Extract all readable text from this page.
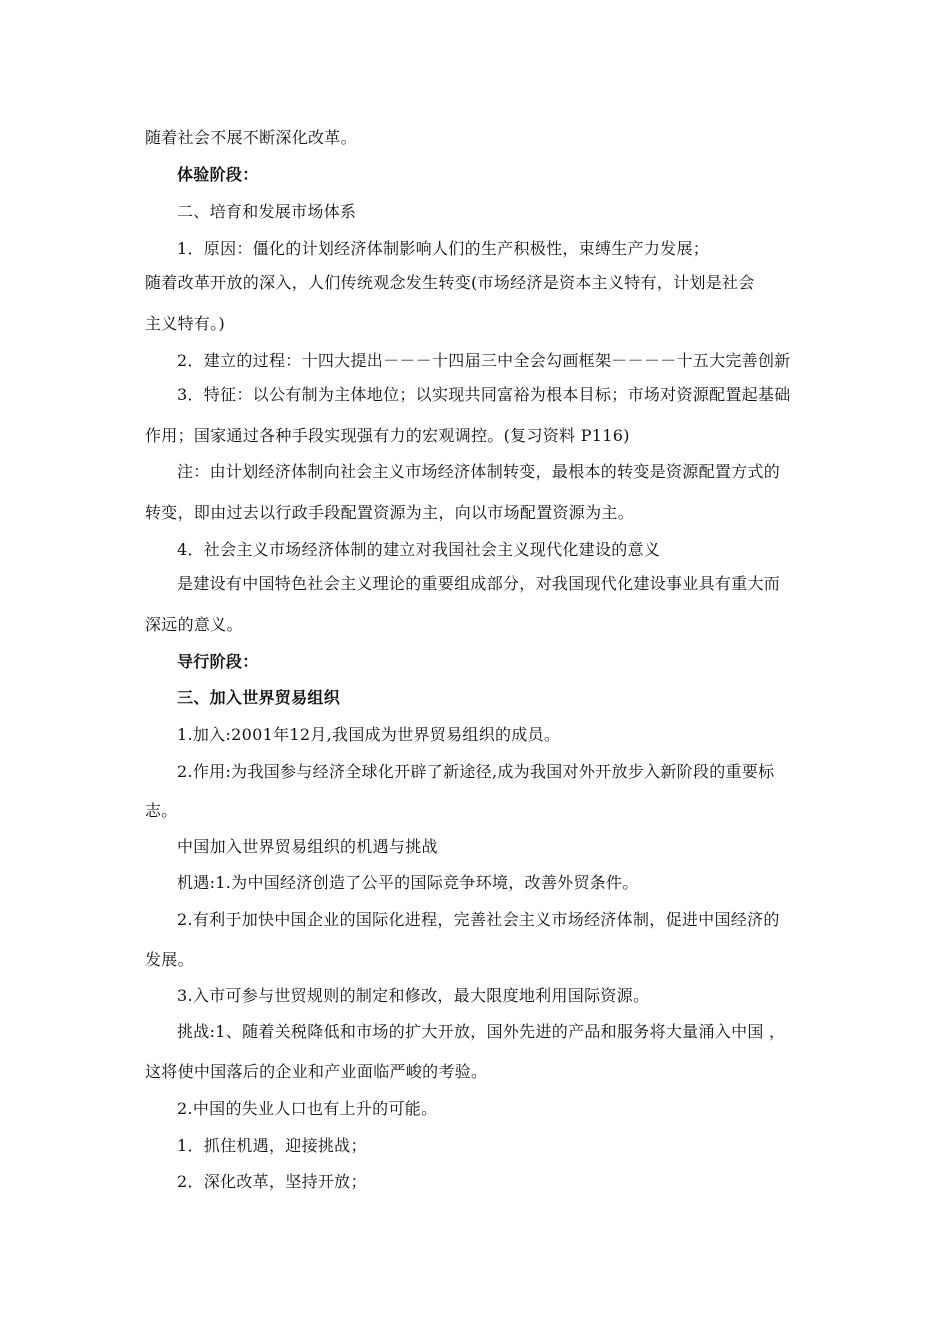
随着社会不展不断深化改革。
体验阶段：
二、培育和发展市场体系
1．原因：僵化的计划经济体制影响人们的生产积极性，束缚生产力发展；
随着改革开放的深入，人们传统观念发生转变(市场经济是资本主义特有，计划是社会
主义特有。)
2．建立的过程：十四大提出－－－十四届三中全会勾画框架－－－－十五大完善创新
3．特征：以公有制为主体地位；以实现共同富裕为根本目标；市场对资源配置起基础
作用；国家通过各种手段实现强有力的宏观调控。(复习资料 P116)
注：由计划经济体制向社会主义市场经济体制转变，最根本的转变是资源配置方式的
转变，即由过去以行政手段配置资源为主，向以市场配置资源为主。
4．社会主义市场经济体制的建立对我国社会主义现代化建设的意义
是建设有中国特色社会主义理论的重要组成部分，对我国现代化建设事业具有重大而
深远的意义。
导行阶段：
三、加入世界贸易组织
1.加入:2001年12月,我国成为世界贸易组织的成员。
2.作用:为我国参与经济全球化开辟了新途径,成为我国对外开放步入新阶段的重要标
志。
中国加入世界贸易组织的机遇与挑战
机遇:1.为中国经济创造了公平的国际竞争环境，改善外贸条件。
2.有利于加快中国企业的国际化进程，完善社会主义市场经济体制，促进中国经济的
发展。
3.入市可参与世贸规则的制定和修改，最大限度地利用国际资源。
挑战:1、随着关税降低和市场的扩大开放，国外先进的产品和服务将大量涌入中国 ，
这将使中国落后的企业和产业面临严峻的考验。
2.中国的失业人口也有上升的可能。
1．抓住机遇，迎接挑战；
2．深化改革，坚持开放；
